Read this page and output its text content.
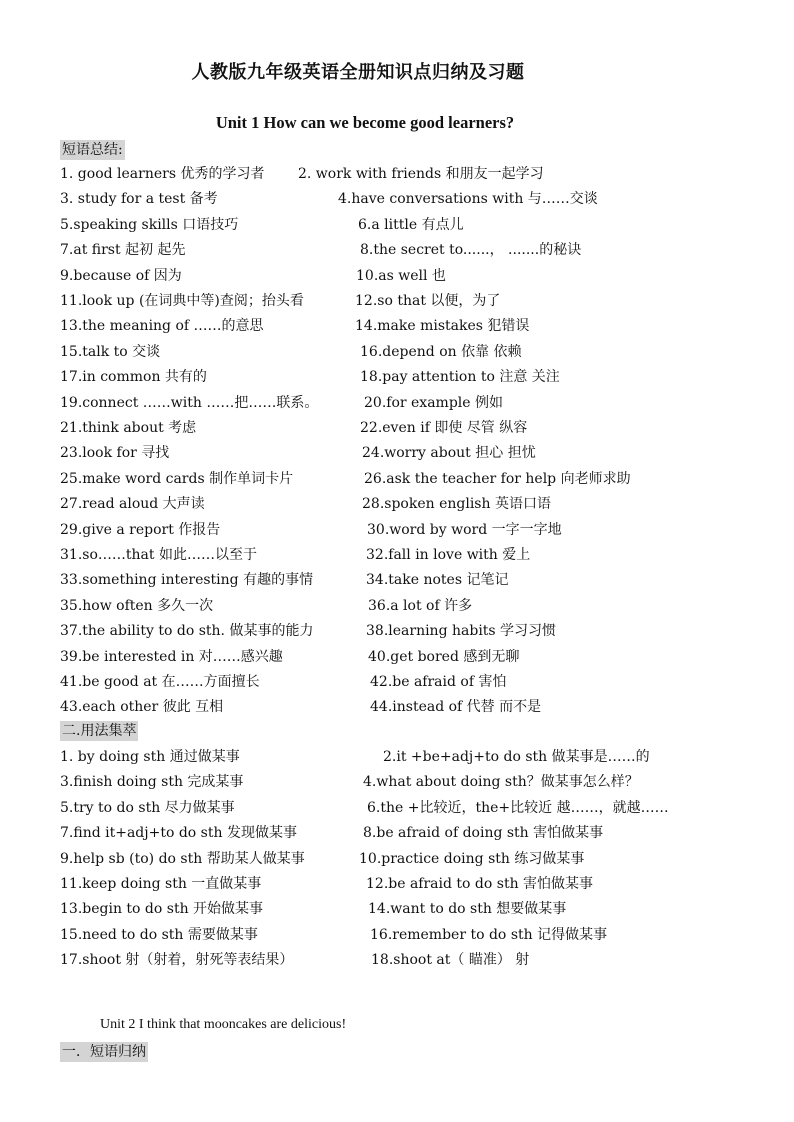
人教版九年级英语全册知识点归纳及习题
Unit 1 How can we become good learners?
短语总结:
1. good learners 优秀的学习者 2. work with friends 和朋友一起学习
3. study for a test 备考	4.have conversations with 与……交谈
5.speaking skills 口语技巧	6.a little 有点儿
7.at first 起初 起先	8.the secret to......， .......的秘诀
9.because of 因为	10.as well 也
11.look up (在词典中等)查阅；抬头看	12.so that 以便，为了
13.the meaning of ……的意思	14.make mistakes 犯错误
15.talk to 交谈	16.depend on 依靠 依赖
17.in common 共有的	18.pay attention to 注意 关注
19.connect ……with ……把……联系。	20.for example 例如
21.think about 考虑	22.even if 即使 尽管 纵容
23.look for 寻找	24.worry about 担心 担忧
25.make word cards 制作单词卡片	26.ask the teacher for help 向老师求助
27.read aloud 大声读	28.spoken english 英语口语
29.give a report 作报告	30.word by word 一字一字地
31.so……that 如此……以至于	32.fall in love with 爱上
33.something interesting 有趣的事情	34.take notes 记笔记
35.how often 多久一次	36.a lot of 许多
37.the ability to do sth. 做某事的能力	38.learning habits 学习习惯
39.be interested in 对……感兴趣	40.get bored 感到无聊
41.be good at 在……方面擅长	42.be afraid of 害怕
43.each other 彼此 互相	44.instead of 代替 而不是
二.用法集萃
1. by doing sth 通过做某事	2.it +be+adj+to do sth 做某事是……的
3.finish doing sth 完成某事	4.what about doing sth？做某事怎么样？
5.try to do sth 尽力做某事	6.the +比较近，the+比较近 越……，就越……
7.find it+adj+to do sth 发现做某事	8.be afraid of doing sth 害怕做某事
9.help sb (to) do sth 帮助某人做某事	10.practice doing sth 练习做某事
11.keep doing sth 一直做某事	12.be afraid to do sth 害怕做某事
13.begin to do sth 开始做某事	14.want to do sth 想要做某事
15.need to do sth 需要做某事	16.remember to do sth 记得做某事
17.shoot 射（射着，射死等表结果）	18.shoot at（ 瞄准） 射
Unit 2 I think that mooncakes are delicious!
一．短语归纳
